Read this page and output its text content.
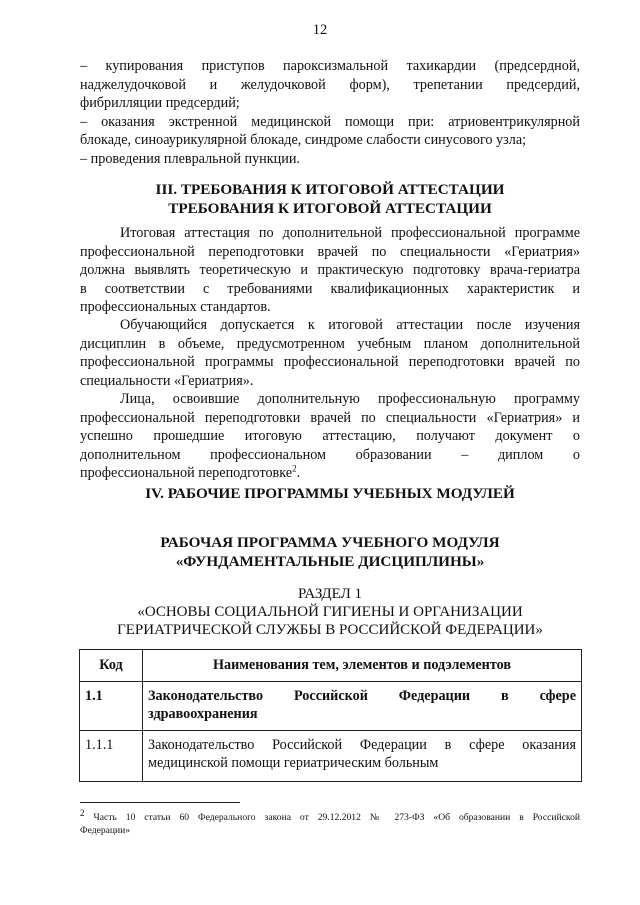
12
– купирования приступов пароксизмальной тахикардии (предсердной,
наджелудочковой и желудочковой форм), трепетании предсердий,
фибрилляции предсердий;
– оказания экстренной медицинской помощи при: атриовентрикулярной
блокаде, синоаурикулярной блокаде, синдроме слабости синусового узла;
– проведения плевральной пункции.
III. ТРЕБОВАНИЯ К ИТОГОВОЙ АТТЕСТАЦИИ
ТРЕБОВАНИЯ К ИТОГОВОЙ АТТЕСТАЦИИ
Итоговая аттестация по дополнительной профессиональной программе
профессиональной переподготовки врачей по специальности «Гериатрия»
должна выявлять теоретическую и практическую подготовку врача-гериатра
в соответствии с требованиями квалификационных характеристик и
профессиональных стандартов.
Обучающийся допускается к итоговой аттестации после изучения
дисциплин в объеме, предусмотренном учебным планом дополнительной
профессиональной программы профессиональной переподготовки врачей по
специальности «Гериатрия».
Лица, освоившие дополнительную профессиональную программу
профессиональной переподготовки врачей по специальности «Гериатрия» и
успешно прошедшие итоговую аттестацию, получают документ о
дополнительном профессиональном образовании – диплом о
профессиональной переподготовке$^2$.
IV. РАБОЧИЕ ПРОГРАММЫ УЧЕБНЫХ МОДУЛЕЙ
РАБОЧАЯ ПРОГРАММА УЧЕБНОГО МОДУЛЯ
«ФУНДАМЕНТАЛЬНЫЕ ДИСЦИПЛИНЫ»
РАЗДЕЛ 1
«ОСНОВЫ СОЦИАЛЬНОЙ ГИГИЕНЫ И ОРГАНИЗАЦИИ
ГЕРИАТРИЧЕСКОЙ СЛУЖБЫ В РОССИЙСКОЙ ФЕДЕРАЦИИ»
Код	Наименования тем, элементов и подэлементов
1.1	Законодательство Российской Федерации в сфере
здравоохранения

1.1.1	Законодательство Российской Федерации в сфере оказания
медицинской помощи гериатрическим больным
$^2$ Часть 10 статьи 60 Федерального закона от 29.12.2012 № 273-ФЗ «Об образовании в Российской
Федерации»
